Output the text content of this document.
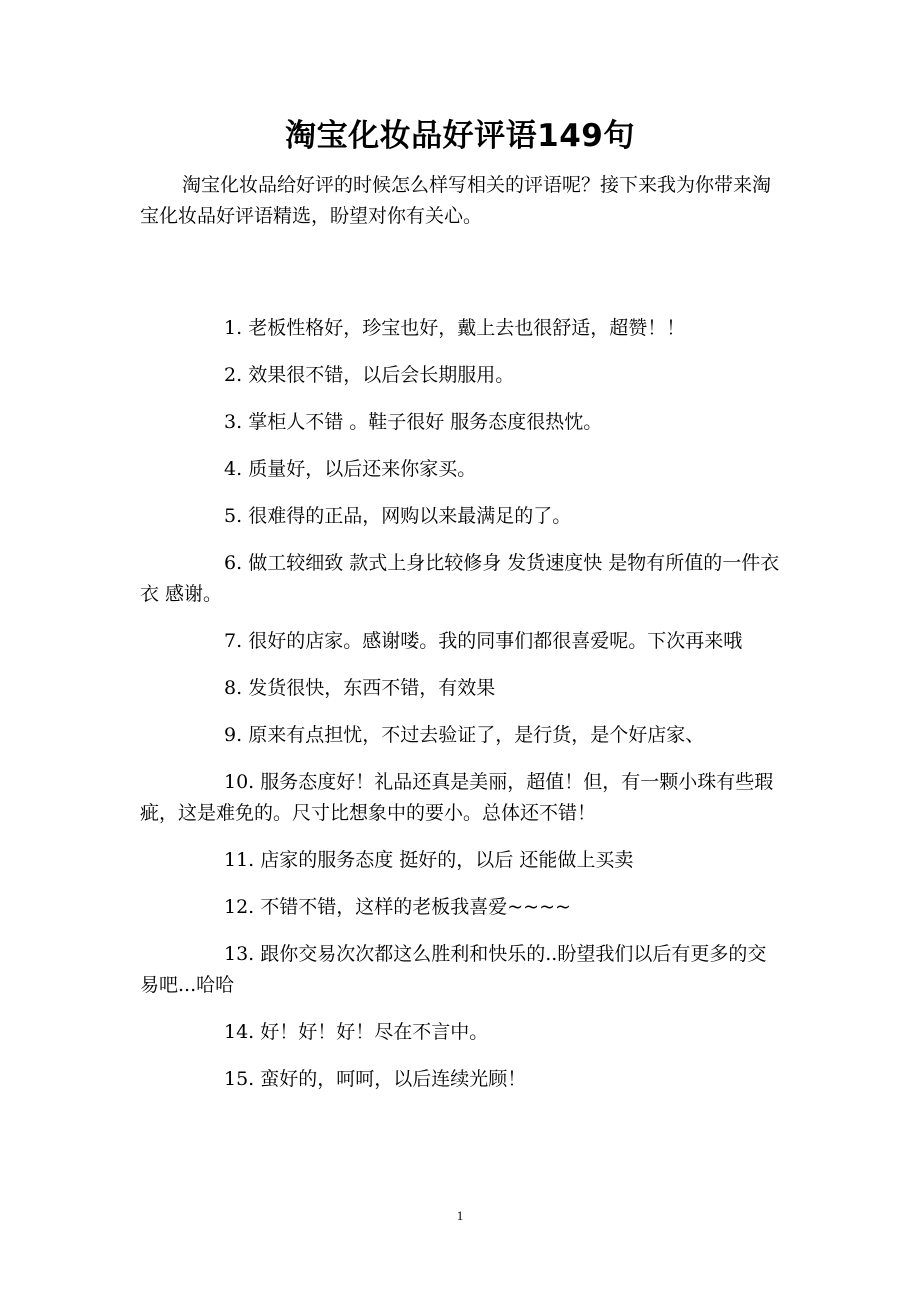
淘宝化妆品好评语149句

淘宝化妆品给好评的时候怎么样写相关的评语呢？接下来我为你带来淘宝化妆品好评语精选，盼望对你有关心。

1. 老板性格好，珍宝也好，戴上去也很舒适，超赞！！

2. 效果很不错，以后会长期服用。

3. 掌柜人不错 。鞋子很好 服务态度很热忱。

4. 质量好，以后还来你家买。

5. 很难得的正品，网购以来最满足的了。

6. 做工较细致 款式上身比较修身 发货速度快 是物有所值的一件衣衣 感谢。

7. 很好的店家。感谢喽。我的同事们都很喜爱呢。下次再来哦

8. 发货很快，东西不错，有效果

9. 原来有点担忧，不过去验证了，是行货，是个好店家、

10. 服务态度好！礼品还真是美丽，超值！但，有一颗小珠有些瑕疵，这是难免的。尺寸比想象中的要小。总体还不错！

11. 店家的服务态度 挺好的，以后 还能做上买卖

12. 不错不错，这样的老板我喜爱~~~~

13. 跟你交易次次都这么胜利和快乐的..盼望我们以后有更多的交易吧...哈哈

14. 好！好！好！尽在不言中。

15. 蛮好的，呵呵，以后连续光顾！

1
